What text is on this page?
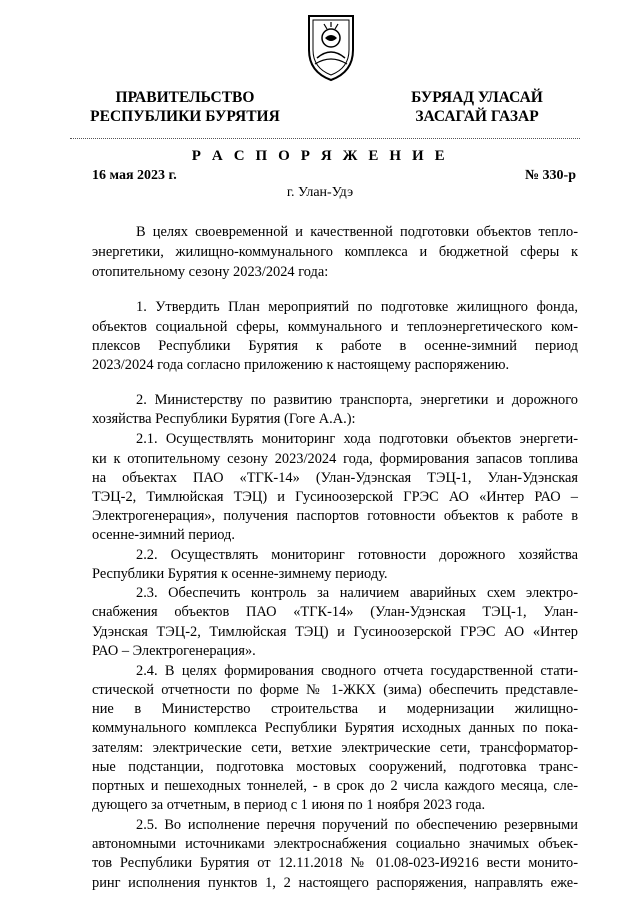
ПРАВИТЕЛЬСТВО
РЕСПУБЛИКИ БУРЯТИЯ
БУРЯАД УЛАСАЙ
ЗАСАГАЙ ГАЗАР
Р А С П О Р Я Ж Е Н И Е
16 мая 2023 г.	№ 330-р
г. Улан-Удэ
В целях своевременной и качественной подготовки объектов тепло-
энергетики, жилищно-коммунального комплекса и бюджетной сферы к
отопительному сезону 2023/2024 года:
1. Утвердить План мероприятий по подготовке жилищного фонда,
объектов социальной сферы, коммунального и теплоэнергетического ком-
плексов Республики Бурятия к работе в осенне-зимний период
2023/2024 года согласно приложению к настоящему распоряжению.
2. Министерству по развитию транспорта, энергетики и дорожного
хозяйства Республики Бурятия (Гоге А.А.):
2.1. Осуществлять мониторинг хода подготовки объектов энергети-
ки к отопительному сезону 2023/2024 года, формирования запасов топлива
на объектах ПАО «ТГК-14» (Улан-Удэнская ТЭЦ-1, Улан-Удэнская
ТЭЦ-2, Тимлюйская ТЭЦ) и Гусиноозерской ГРЭС АО «Интер РАО –
Электрогенерация», получения паспортов готовности объектов к работе в
осенне-зимний период.
2.2. Осуществлять мониторинг готовности дорожного хозяйства
Республики Бурятия к осенне-зимнему периоду.
2.3. Обеспечить контроль за наличием аварийных схем электро-
снабжения объектов ПАО «ТГК-14» (Улан-Удэнская ТЭЦ-1, Улан-
Удэнская ТЭЦ-2, Тимлюйская ТЭЦ) и Гусиноозерской ГРЭС АО «Интер
РАО – Электрогенерация».
2.4. В целях формирования сводного отчета государственной стати-
стической отчетности по форме № 1-ЖКХ (зима) обеспечить представле-
ние в Министерство строительства и модернизации жилищно-
коммунального комплекса Республики Бурятия исходных данных по пока-
зателям: электрические сети, ветхие электрические сети, трансформатор-
ные подстанции, подготовка мостовых сооружений, подготовка транс-
портных и пешеходных тоннелей, - в срок до 2 числа каждого месяца, сле-
дующего за отчетным, в период с 1 июня по 1 ноября 2023 года.
2.5. Во исполнение перечня поручений по обеспечению резервными
автономными источниками электроснабжения социально значимых объек-
тов Республики Бурятия от 12.11.2018 № 01.08-023-И9216 вести монито-
ринг исполнения пунктов 1, 2 настоящего распоряжения, направлять еже-
